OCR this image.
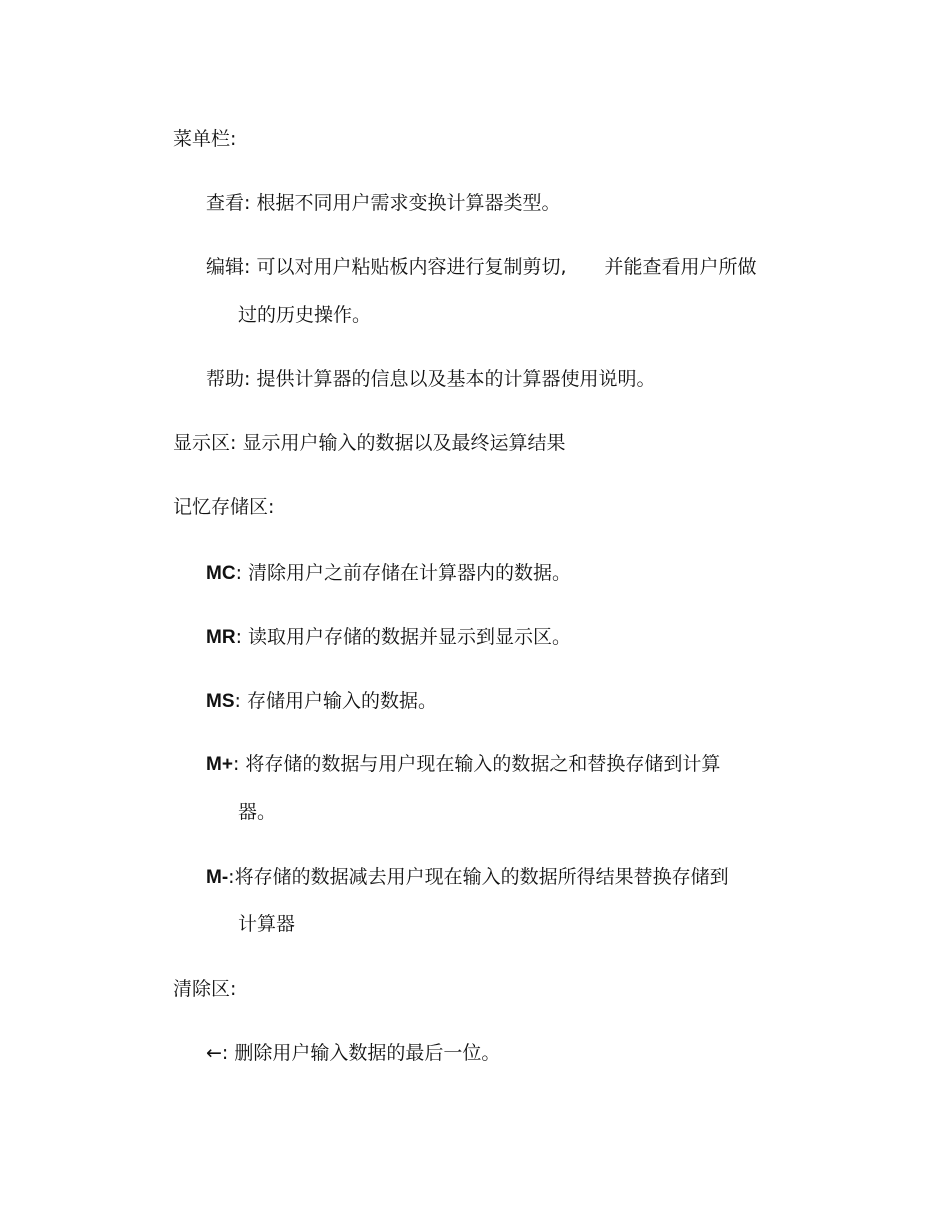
菜单栏:
查看: 根据不同用户需求变换计算器类型。
编辑: 可以对用户粘贴板内容进行复制剪切, 并能查看用户所做
过的历史操作。
帮助: 提供计算器的信息以及基本的计算器使用说明。
显示区: 显示用户输入的数据以及最终运算结果
记忆存储区:
MC: 清除用户之前存储在计算器内的数据。
MR: 读取用户存储的数据并显示到显示区。
MS: 存储用户输入的数据。
M+: 将存储的数据与用户现在输入的数据之和替换存储到计算
器。
M-:将存储的数据减去用户现在输入的数据所得结果替换存储到
计算器
清除区:
←: 删除用户输入数据的最后一位。
